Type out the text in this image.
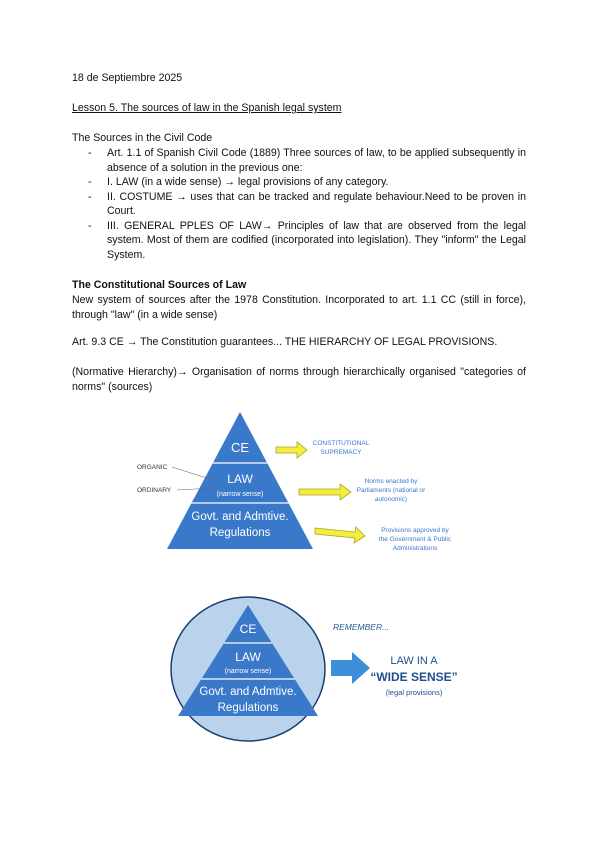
18 de Septiembre 2025
Lesson 5. The sources of law in the Spanish legal system
The Sources in the Civil Code
- Art. 1.1 of Spanish Civil Code (1889) Three sources of law, to be applied subsequently in absence of a solution in the previous one:
- I. LAW (in a wide sense) → legal provisions of any category.
- II. COSTUME → uses that can be tracked and regulate behaviour.Need to be proven in Court.
- III. GENERAL PPLES OF LAW→ Principles of law that are observed from the legal system. Most of them are codified (incorporated into legislation). They "inform" the Legal System.
The Constitutional Sources of Law
New system of sources after the 1978 Constitution. Incorporated to art. 1.1 CC (still in force), through "law" (in a wide sense)
Art. 9.3 CE → The Constitution guarantees... THE HIERARCHY OF LEGAL PROVISIONS.
(Normative Hierarchy)→ Organisation of norms through hierarchically organised "categories of norms" (sources)
CE
LAW
(narrow sense)
Govt. and Admtive.
Regulations
ORGANIC
ORDINARY
CONSTITUTIONAL
SUPREMACY
Norms enacted by
Parliaments (national or
autonomic)
Provisions approved by
the Government & Public
Administrations
CE
LAW
(narrow sense)
Govt. and Admtive.
Regulations
REMEMBER...
LAW IN A
“WIDE SENSE”
(legal provisions)
